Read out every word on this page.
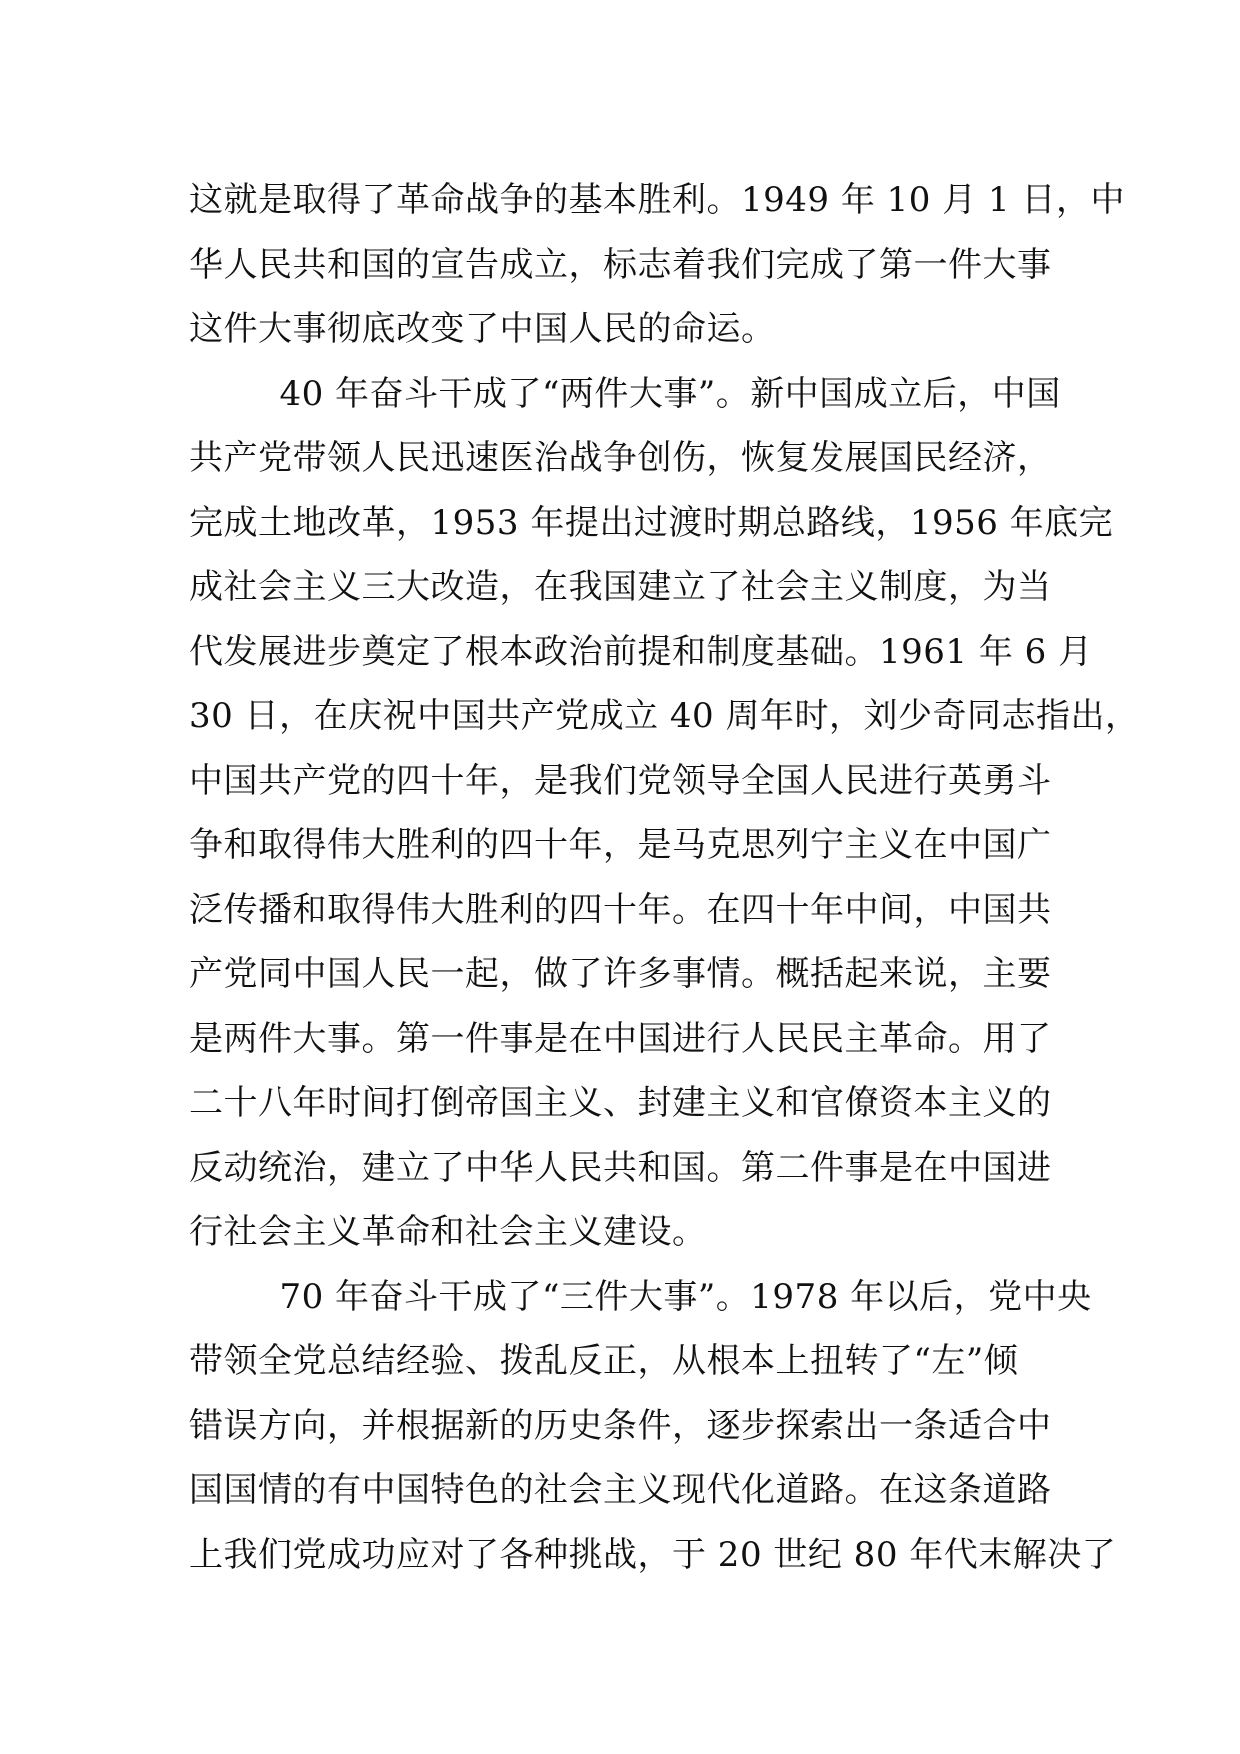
这就是取得了革命战争的基本胜利。1949 年 10 月 1 日，中
华人民共和国的宣告成立，标志着我们完成了第一件大事
这件大事彻底改变了中国人民的命运。
40 年奋斗干成了“两件大事”。新中国成立后，中国
共产党带领人民迅速医治战争创伤，恢复发展国民经济，
完成土地改革，1953 年提出过渡时期总路线，1956 年底完
成社会主义三大改造，在我国建立了社会主义制度，为当
代发展进步奠定了根本政治前提和制度基础。1961 年 6 月
30 日，在庆祝中国共产党成立 40 周年时，刘少奇同志指出，
中国共产党的四十年，是我们党领导全国人民进行英勇斗
争和取得伟大胜利的四十年，是马克思列宁主义在中国广
泛传播和取得伟大胜利的四十年。在四十年中间，中国共
产党同中国人民一起，做了许多事情。概括起来说，主要
是两件大事。第一件事是在中国进行人民民主革命。用了
二十八年时间打倒帝国主义、封建主义和官僚资本主义的
反动统治，建立了中华人民共和国。第二件事是在中国进
行社会主义革命和社会主义建设。
70 年奋斗干成了“三件大事”。1978 年以后，党中央
带领全党总结经验、拨乱反正，从根本上扭转了“左”倾
错误方向，并根据新的历史条件，逐步探索出一条适合中
国国情的有中国特色的社会主义现代化道路。在这条道路
上我们党成功应对了各种挑战，于 20 世纪 80 年代末解决了
